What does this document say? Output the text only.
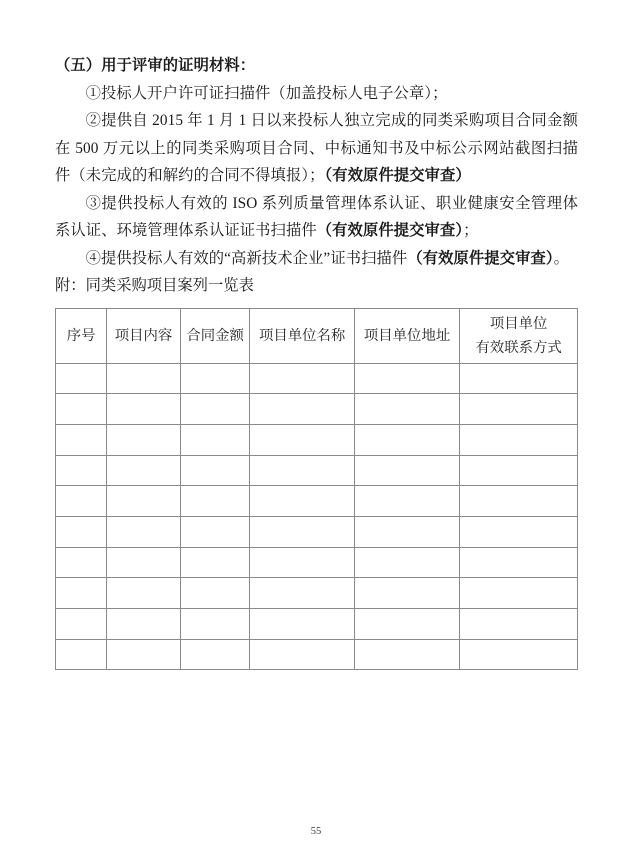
（五）用于评审的证明材料：

①投标人开户许可证扫描件（加盖投标人电子公章）；

②提供自 2015 年 1 月 1 日以来投标人独立完成的同类采购项目合同金额在 500 万元以上的同类采购项目合同、中标通知书及中标公示网站截图扫描件（未完成的和解约的合同不得填报）；（有效原件提交审查）

③提供投标人有效的 ISO 系列质量管理体系认证、职业健康安全管理体系认证、环境管理体系认证证书扫描件（有效原件提交审查）；

④提供投标人有效的“高新技术企业”证书扫描件（有效原件提交审查）。

附：同类采购项目案列一览表

序号	项目内容	合同金额	项目单位名称	项目单位地址	项目单位
有效联系方式

55
